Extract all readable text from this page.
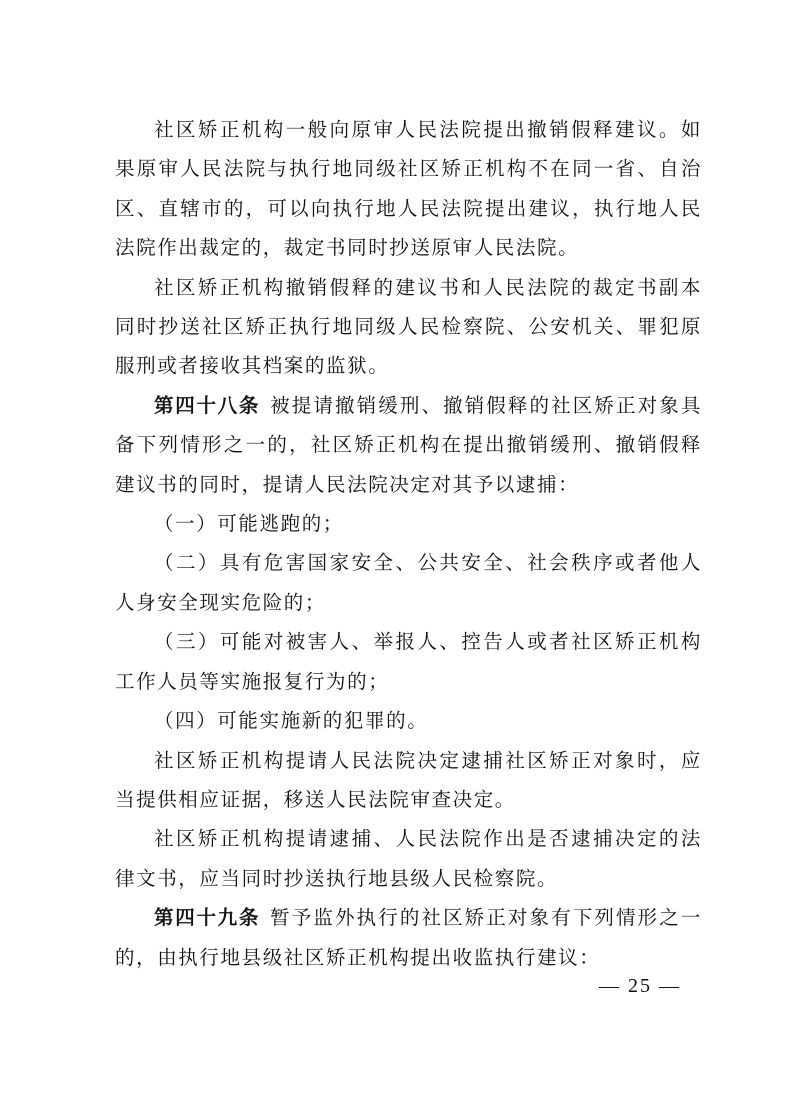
社区矫正机构一般向原审人民法院提出撤销假释建议。如果原审人民法院与执行地同级社区矫正机构不在同一省、自治区、直辖市的，可以向执行地人民法院提出建议，执行地人民法院作出裁定的，裁定书同时抄送原审人民法院。

社区矫正机构撤销假释的建议书和人民法院的裁定书副本同时抄送社区矫正执行地同级人民检察院、公安机关、罪犯原服刑或者接收其档案的监狱。

第四十八条 被提请撤销缓刑、撤销假释的社区矫正对象具备下列情形之一的，社区矫正机构在提出撤销缓刑、撤销假释建议书的同时，提请人民法院决定对其予以逮捕：

（一）可能逃跑的；

（二）具有危害国家安全、公共安全、社会秩序或者他人人身安全现实危险的；

（三）可能对被害人、举报人、控告人或者社区矫正机构工作人员等实施报复行为的；

（四）可能实施新的犯罪的。

社区矫正机构提请人民法院决定逮捕社区矫正对象时，应当提供相应证据，移送人民法院审查决定。

社区矫正机构提请逮捕、人民法院作出是否逮捕决定的法律文书，应当同时抄送执行地县级人民检察院。

第四十九条 暂予监外执行的社区矫正对象有下列情形之一的，由执行地县级社区矫正机构提出收监执行建议：

— 25 —
